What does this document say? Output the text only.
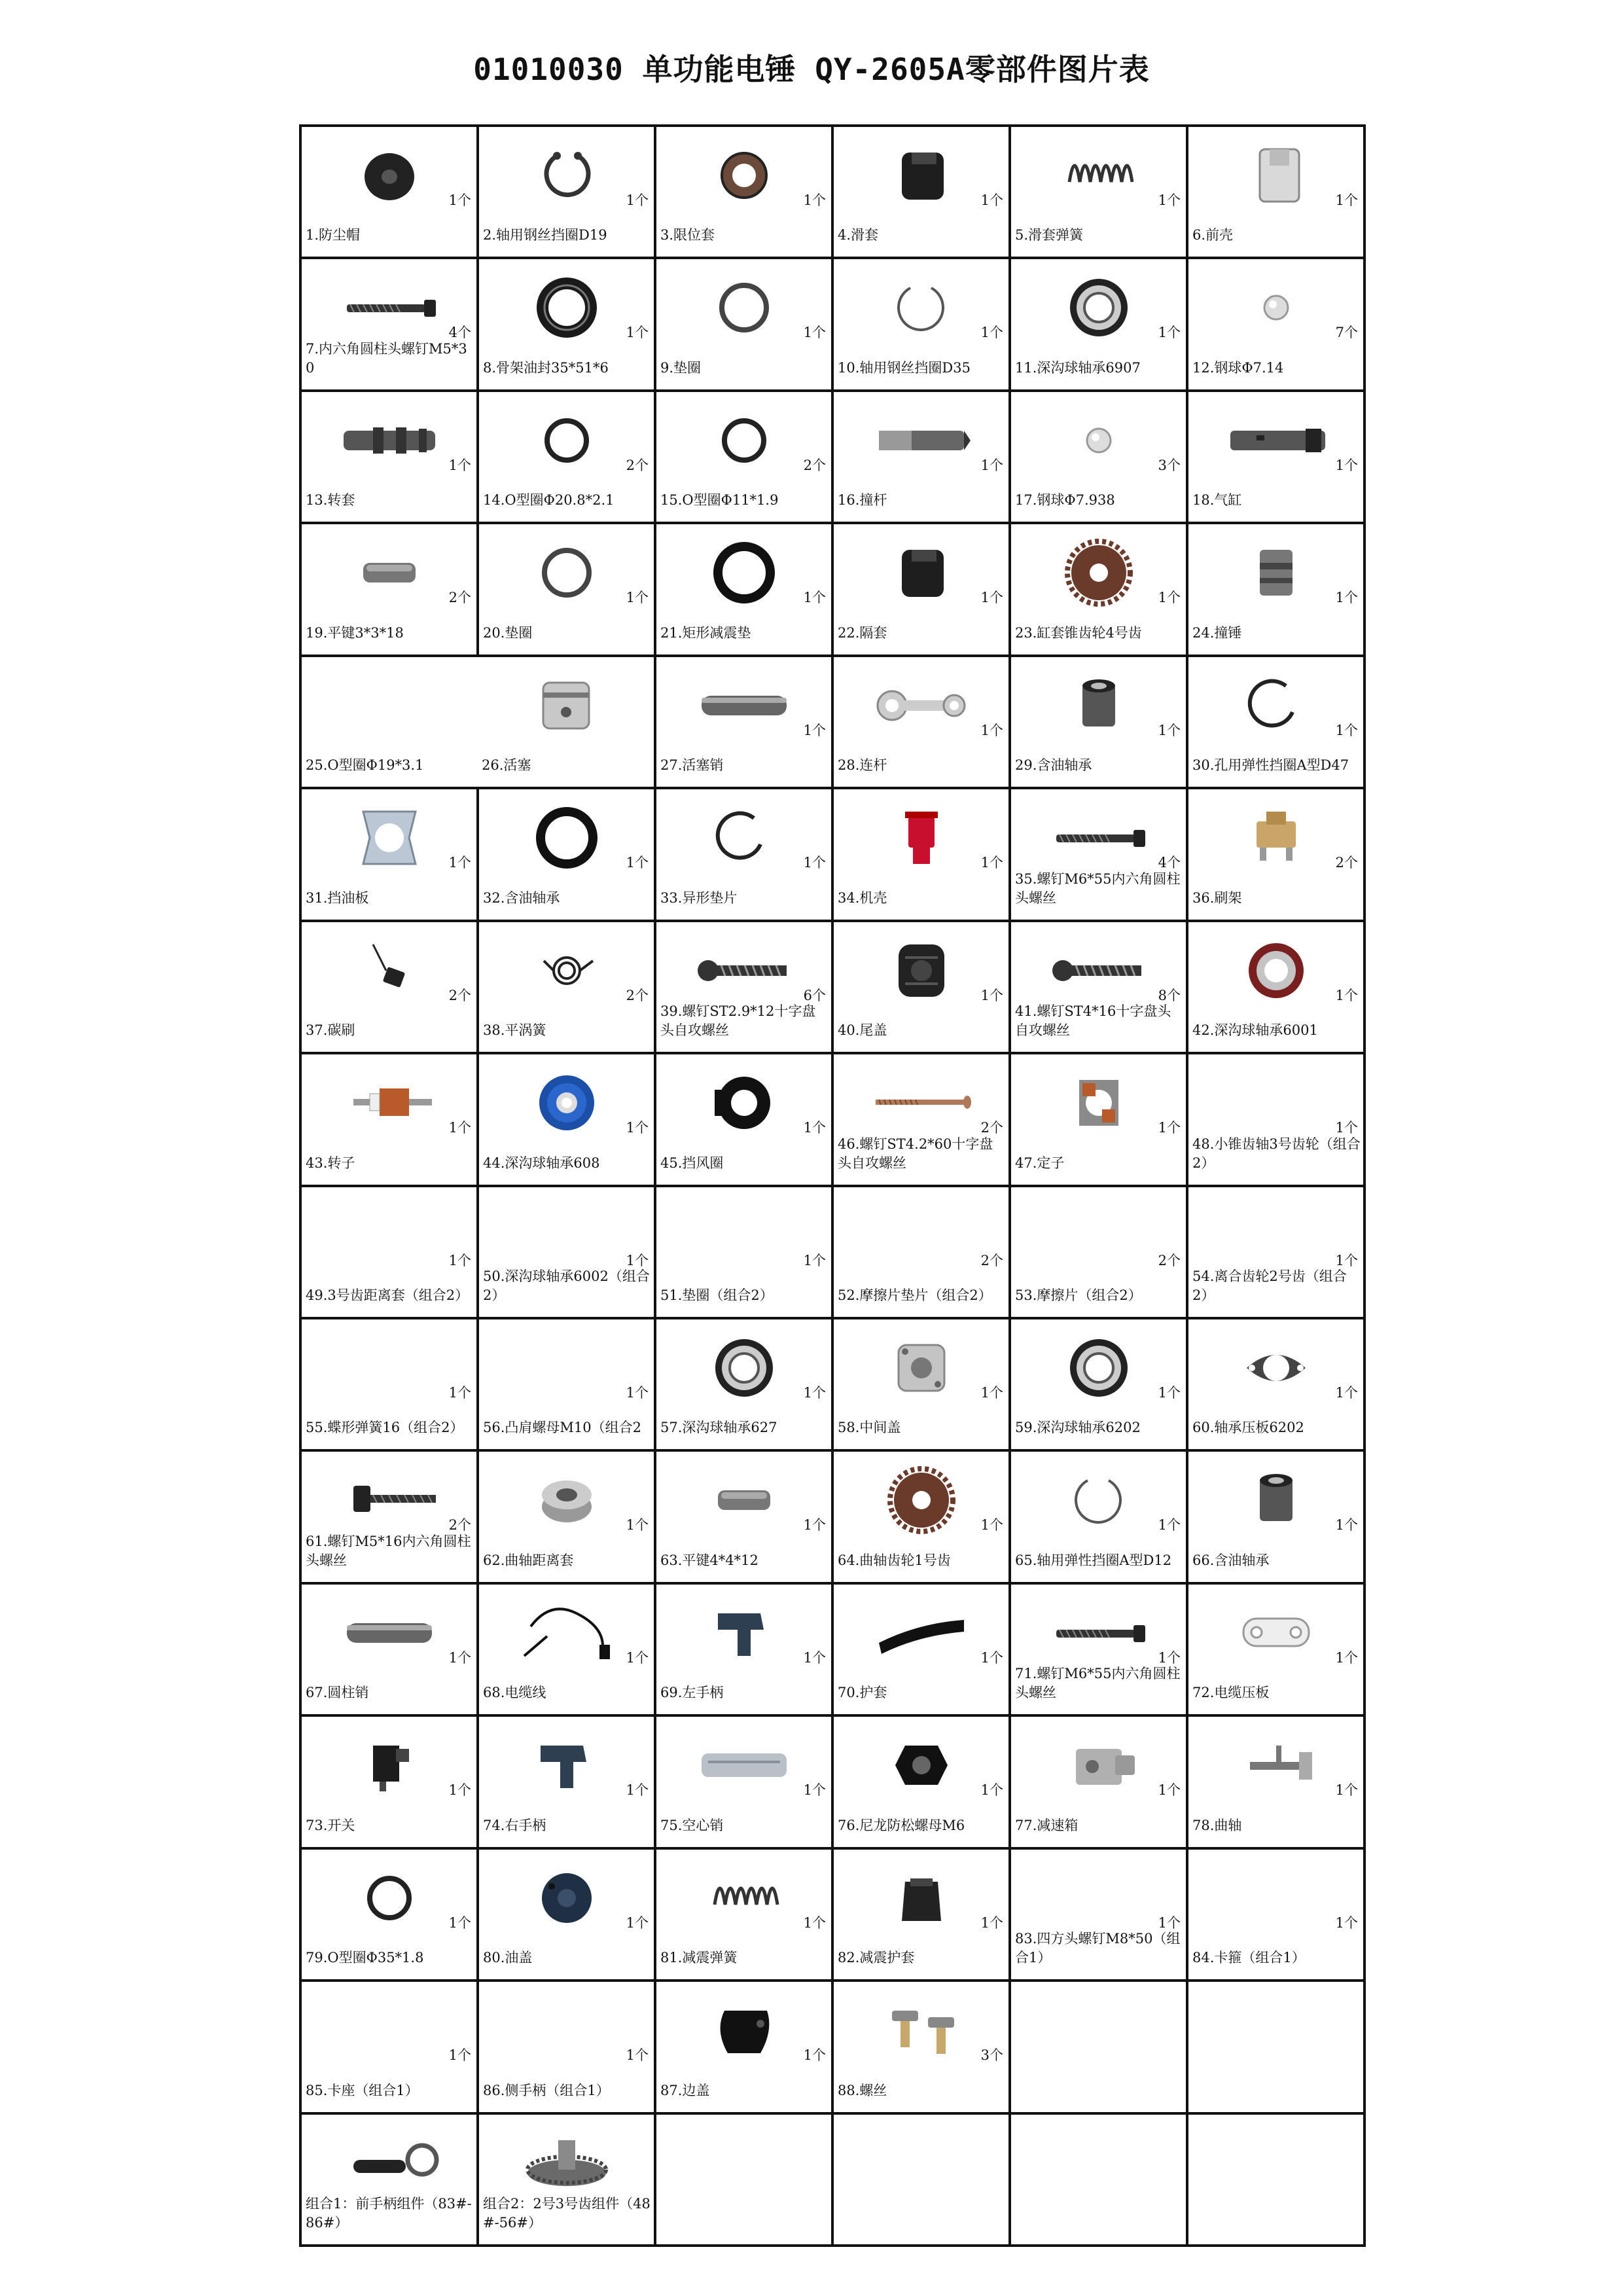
01010030 单功能电锤 QY-2605A零部件图片表
1个
1.防尘帽
1个
2.轴用钢丝挡圈D19
1个
3.限位套
1个
4.滑套
1个
5.滑套弹簧
1个
6.前壳
4个
7.内六角圆柱头螺钉M5*30
1个
8.骨架油封35*51*6
1个
9.垫圈
1个
10.轴用钢丝挡圈D35
1个
11.深沟球轴承6907
7个
12.钢球Φ7.14
1个
13.转套
2个
14.O型圈Φ20.8*2.1
2个
15.O型圈Φ11*1.9
1个
16.撞杆
3个
17.钢球Φ7.938
1个
18.气缸
2个
19.平键3*3*18
1个
20.垫圈
1个
21.矩形减震垫
1个
22.隔套
1个
23.缸套锥齿轮4号齿
1个
24.撞锤
25.O型圈Φ19*3.1	26.活塞
1个
27.活塞销
1个
28.连杆
1个
29.含油轴承
1个
30.孔用弹性挡圈A型D47
1个
31.挡油板
1个
32.含油轴承
1个
33.异形垫片
1个
34.机壳
4个
35.螺钉M6*55内六角圆柱头螺丝
2个
36.刷架
2个
37.碳刷
2个
38.平涡簧
6个
39.螺钉ST2.9*12十字盘头自攻螺丝
1个
40.尾盖
8个
41.螺钉ST4*16十字盘头自攻螺丝
1个
42.深沟球轴承6001
1个
43.转子
1个
44.深沟球轴承608
1个
45.挡风圈
2个
46.螺钉ST4.2*60十字盘头自攻螺丝
1个
47.定子
1个
48.小锥齿轴3号齿轮（组合2）
1个
49.3号齿距离套（组合2）
1个
50.深沟球轴承6002（组合2）
1个
51.垫圈（组合2）
2个
52.摩擦片垫片（组合2）
2个
53.摩擦片（组合2）
1个
54.离合齿轮2号齿（组合2）
1个
55.蝶形弹簧16（组合2）
1个
56.凸肩螺母M10（组合2
1个
57.深沟球轴承627
1个
58.中间盖
1个
59.深沟球轴承6202
1个
60.轴承压板6202
2个
61.螺钉M5*16内六角圆柱头螺丝
1个
62.曲轴距离套
1个
63.平键4*4*12
1个
64.曲轴齿轮1号齿
1个
65.轴用弹性挡圈A型D12
1个
66.含油轴承
1个
67.圆柱销
1个
68.电缆线
1个
69.左手柄
1个
70.护套
1个
71.螺钉M6*55内六角圆柱头螺丝
1个
72.电缆压板
1个
73.开关
1个
74.右手柄
1个
75.空心销
1个
76.尼龙防松螺母M6
1个
77.减速箱
1个
78.曲轴
1个
79.O型圈Φ35*1.8
1个
80.油盖
1个
81.减震弹簧
1个
82.减震护套
1个
83.四方头螺钉M8*50（组合1）
1个
84.卡箍（组合1）
1个
85.卡座（组合1）
1个
86.侧手柄（组合1）
1个
87.边盖
3个
88.螺丝
组合1：前手柄组件（83#-86#）
组合2：2号3号齿组件（48#-56#）
